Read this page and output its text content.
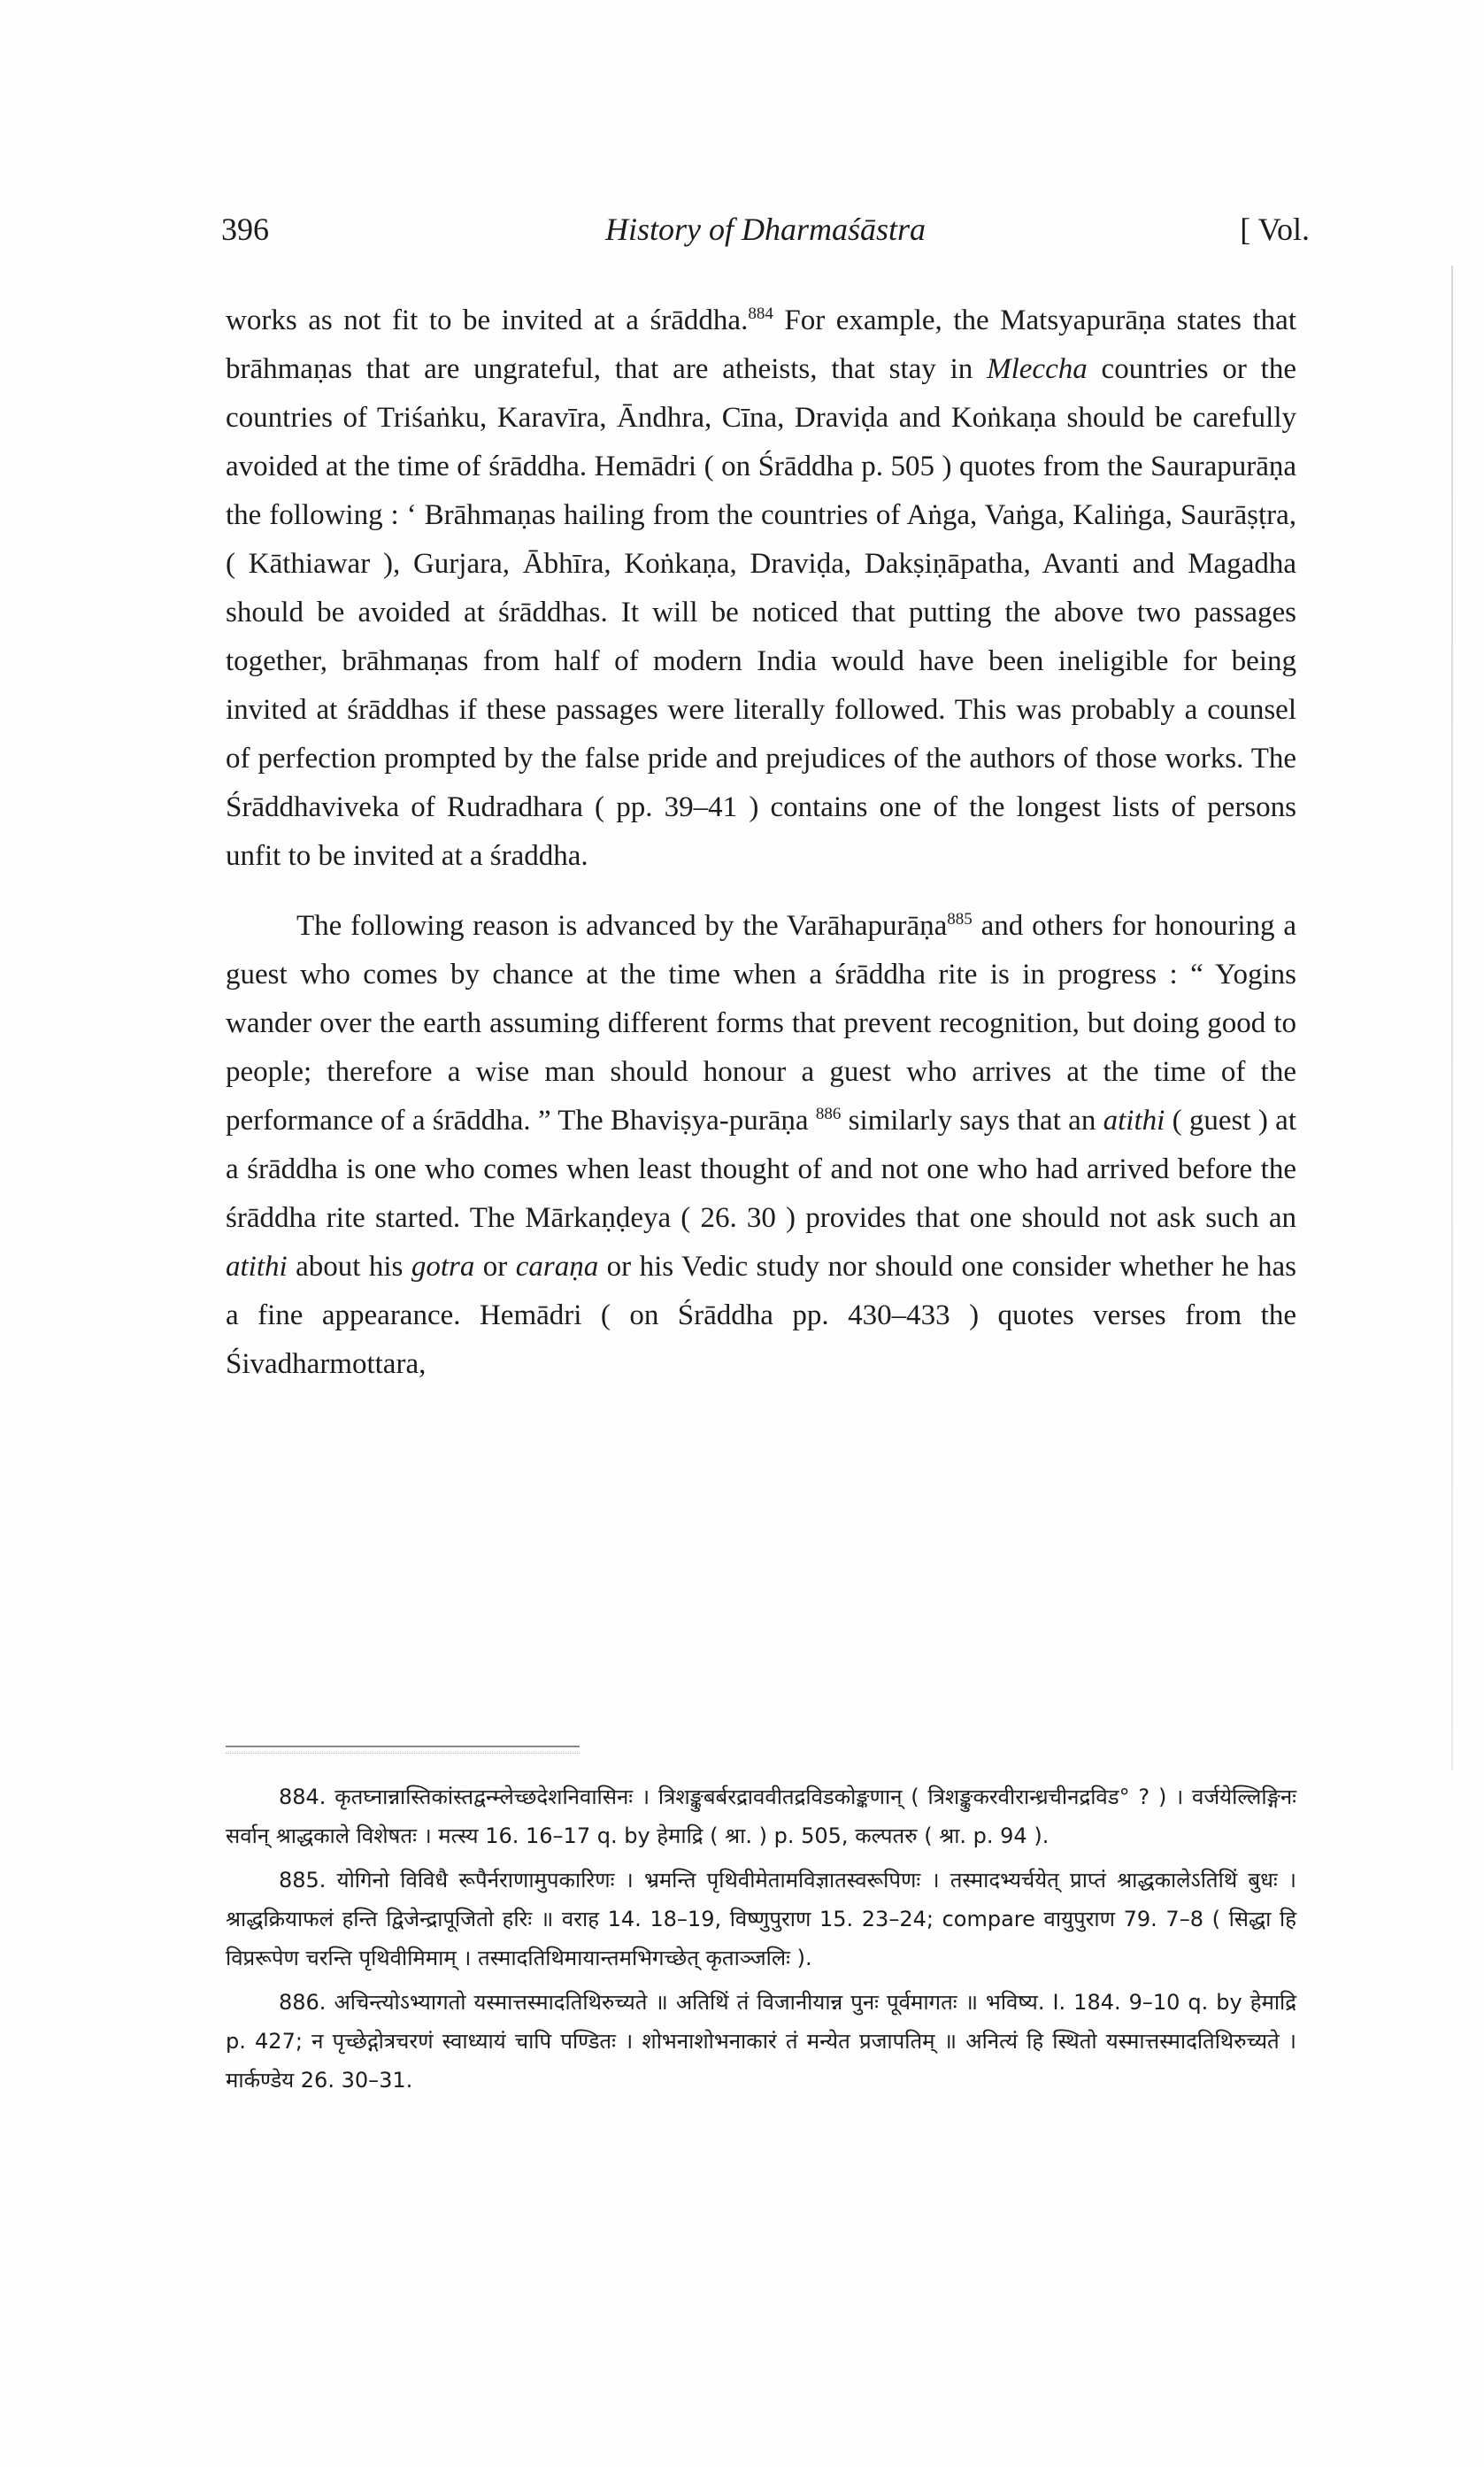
396	History of Dharmaśāstra	[ Vol.

works as not fit to be invited at a śrāddha.$^{884}$ For example, the Matsyapurāṇa states that brāhmaṇas that are ungrateful, that are atheists, that stay in Mleccha countries or the countries of Triśaṅku, Karavīra, Āndhra, Cīna, Draviḍa and Koṅkaṇa should be carefully avoided at the time of śrāddha. Hemādri ( on Śrāddha p. 505 ) quotes from the Saurapurāṇa the following : ‘ Brāhmaṇas hailing from the countries of Aṅga, Vaṅga, Kaliṅga, Saurāṣṭra, ( Kāthiawar ), Gurjara, Ābhīra, Koṅkaṇa, Draviḍa, Dakṣiṇāpatha, Avanti and Magadha should be avoided at śrāddhas. It will be noticed that putting the above two passages together, brāhmaṇas from half of modern India would have been ineligible for being invited at śrāddhas if these passages were literally followed. This was probably a counsel of perfection prompted by the false pride and prejudices of the authors of those works. The Śrāddhaviveka of Rudradhara ( pp. 39–41 ) contains one of the longest lists of persons unfit to be invited at a śraddha.

The following reason is advanced by the Varāhapurāṇa$^{885}$ and others for honouring a guest who comes by chance at the time when a śrāddha rite is in progress : “ Yogins wander over the earth assuming different forms that prevent recognition, but doing good to people; therefore a wise man should honour a guest who arrives at the time of the performance of a śrāddha. ” The Bhaviṣya-purāṇa $^{886}$ similarly says that an atithi ( guest ) at a śrāddha is one who comes when least thought of and not one who had arrived before the śrāddha rite started. The Mārkaṇḍeya ( 26. 30 ) provides that one should not ask such an atithi about his gotra or caraṇa or his Vedic study nor should one consider whether he has a fine appearance. Hemādri ( on Śrāddha pp. 430–433 ) quotes verses from the Śivadharmottara,

884. कृतघ्नान्नास्तिकांस्तद्वन्म्लेच्छदेशनिवासिनः । त्रिशङ्कुबर्बरद्राववीतद्रविडकोङ्कणान् ( त्रिशङ्कुकरवीरान्ध्रचीनद्रविड° ? ) । वर्जयेल्लिङ्गिनः सर्वान् श्राद्धकाले विशेषतः । मत्स्य 16. 16–17 q. by हेमाद्रि ( श्रा. ) p. 505, कल्पतरु ( श्रा. p. 94 ).

885. योगिनो विविधै रूपैर्नराणामुपकारिणः । भ्रमन्ति पृथिवीमेतामविज्ञातस्वरूपिणः । तस्मादभ्यर्चयेत् प्राप्तं श्राद्धकालेऽतिथिं बुधः । श्राद्धक्रियाफलं हन्ति द्विजेन्द्रापूजितो हरिः ॥ वराह 14. 18–19, विष्णुपुराण 15. 23–24; compare वायुपुराण 79. 7–8 ( सिद्धा हि विप्ररूपेण चरन्ति पृथिवीमिमाम् । तस्मादतिथिमायान्तमभिगच्छेत् कृताञ्जलिः ).

886. अचिन्त्योऽभ्यागतो यस्मात्तस्मादतिथिरुच्यते ॥ अतिथिं तं विजानीयान्न पुनः पूर्वमागतः ॥ भविष्य. I. 184. 9–10 q. by हेमाद्रि p. 427; न पृच्छेद्गोत्रचरणं स्वाध्यायं चापि पण्डितः । शोभनाशोभनाकारं तं मन्येत प्रजापतिम् ॥ अनित्यं हि स्थितो यस्मात्तस्मादतिथिरुच्यते । मार्कण्डेय 26. 30–31.
